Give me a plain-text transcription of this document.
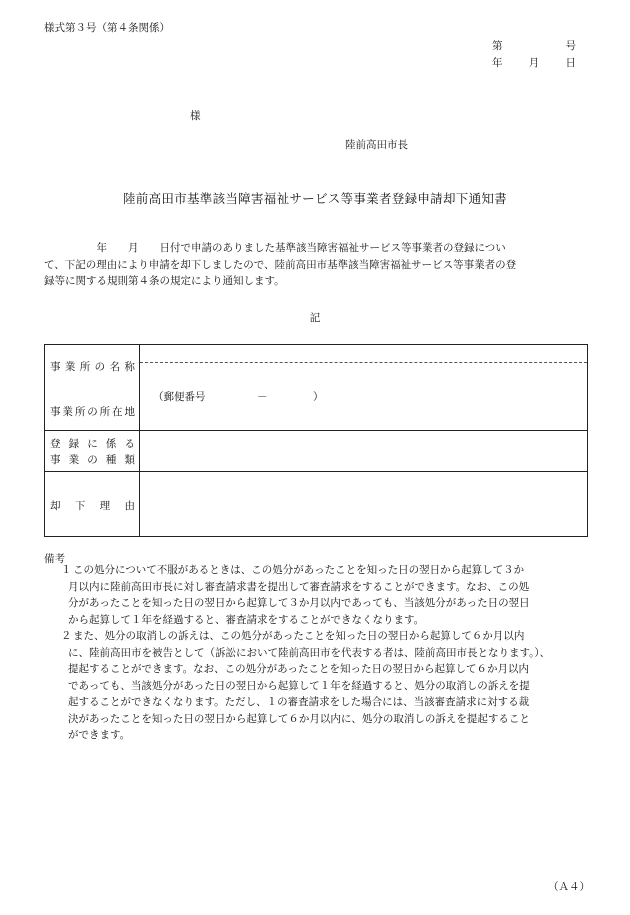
様式第３号（第４条関係）
第	号
年	月	日
様
陸前高田市長
陸前高田市基準該当障害福祉サービス等事業者登録申請却下通知書
　　　　　年　　月　　日付で申請のありました基準該当障害福祉サービス等事業者の登録につい
て、下記の理由により申請を却下しましたので、陸前高田市基準該当障害福祉サービス等事業者の登
録等に関する規則第４条の規定により通知します。
記
事 業 所 の 名 称
事 業 所 の 所 在 地
（郵便番号	－	）
登 録 に 係 る
事 業 の 種 類
却 下 理 由
備考
１ この処分について不服があるときは、この処分があったことを知った日の翌日から起算して３か
月以内に陸前高田市長に対し審査請求書を提出して審査請求をすることができます。なお、この処
分があったことを知った日の翌日から起算して３か月以内であっても、当該処分があった日の翌日
から起算して１年を経過すると、審査請求をすることができなくなります。
２ また、処分の取消しの訴えは、この処分があったことを知った日の翌日から起算して６か月以内
に、陸前高田市を被告として（訴訟において陸前高田市を代表する者は、陸前高田市長となります。）、
提起することができます。なお、この処分があったことを知った日の翌日から起算して６か月以内
であっても、当該処分があった日の翌日から起算して１年を経過すると、処分の取消しの訴えを提
起することができなくなります。ただし、１の審査請求をした場合には、当該審査請求に対する裁
決があったことを知った日の翌日から起算して６か月以内に、処分の取消しの訴えを提起すること
ができます。
（Ａ４）
